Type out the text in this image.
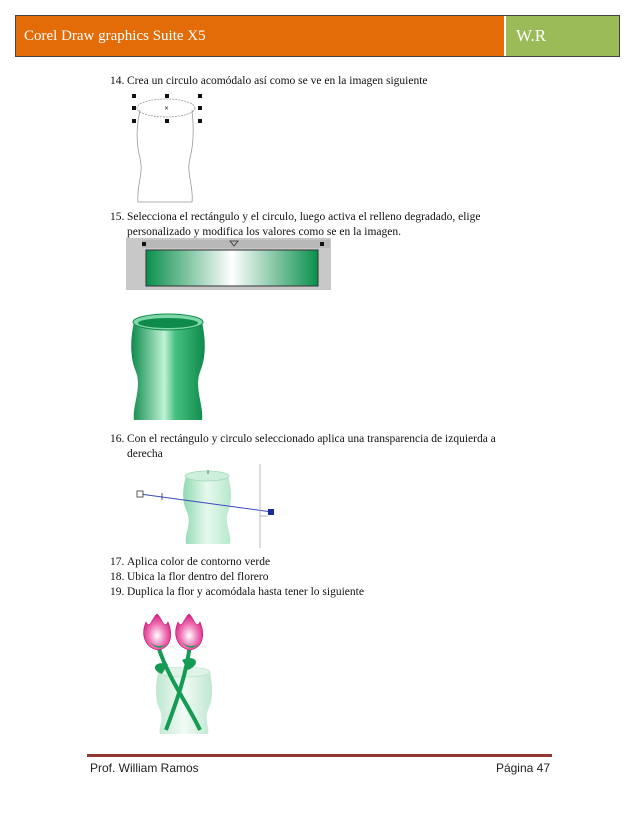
Corel Draw graphics Suite X5	W.R
14. Crea un circulo acomódalo así como se ve en la imagen siguiente
×
15. Selecciona el rectángulo y el circulo, luego activa el relleno degradado, elige
personalizado y modifica los valores como se en la imagen.
16. Con el rectángulo y circulo seleccionado aplica una transparencia de izquierda a
derecha
17. Aplica color de contorno verde
18. Ubica la flor dentro del florero
19. Duplica la flor y acomódala hasta tener lo siguiente
Prof. William Ramos	Página 47
